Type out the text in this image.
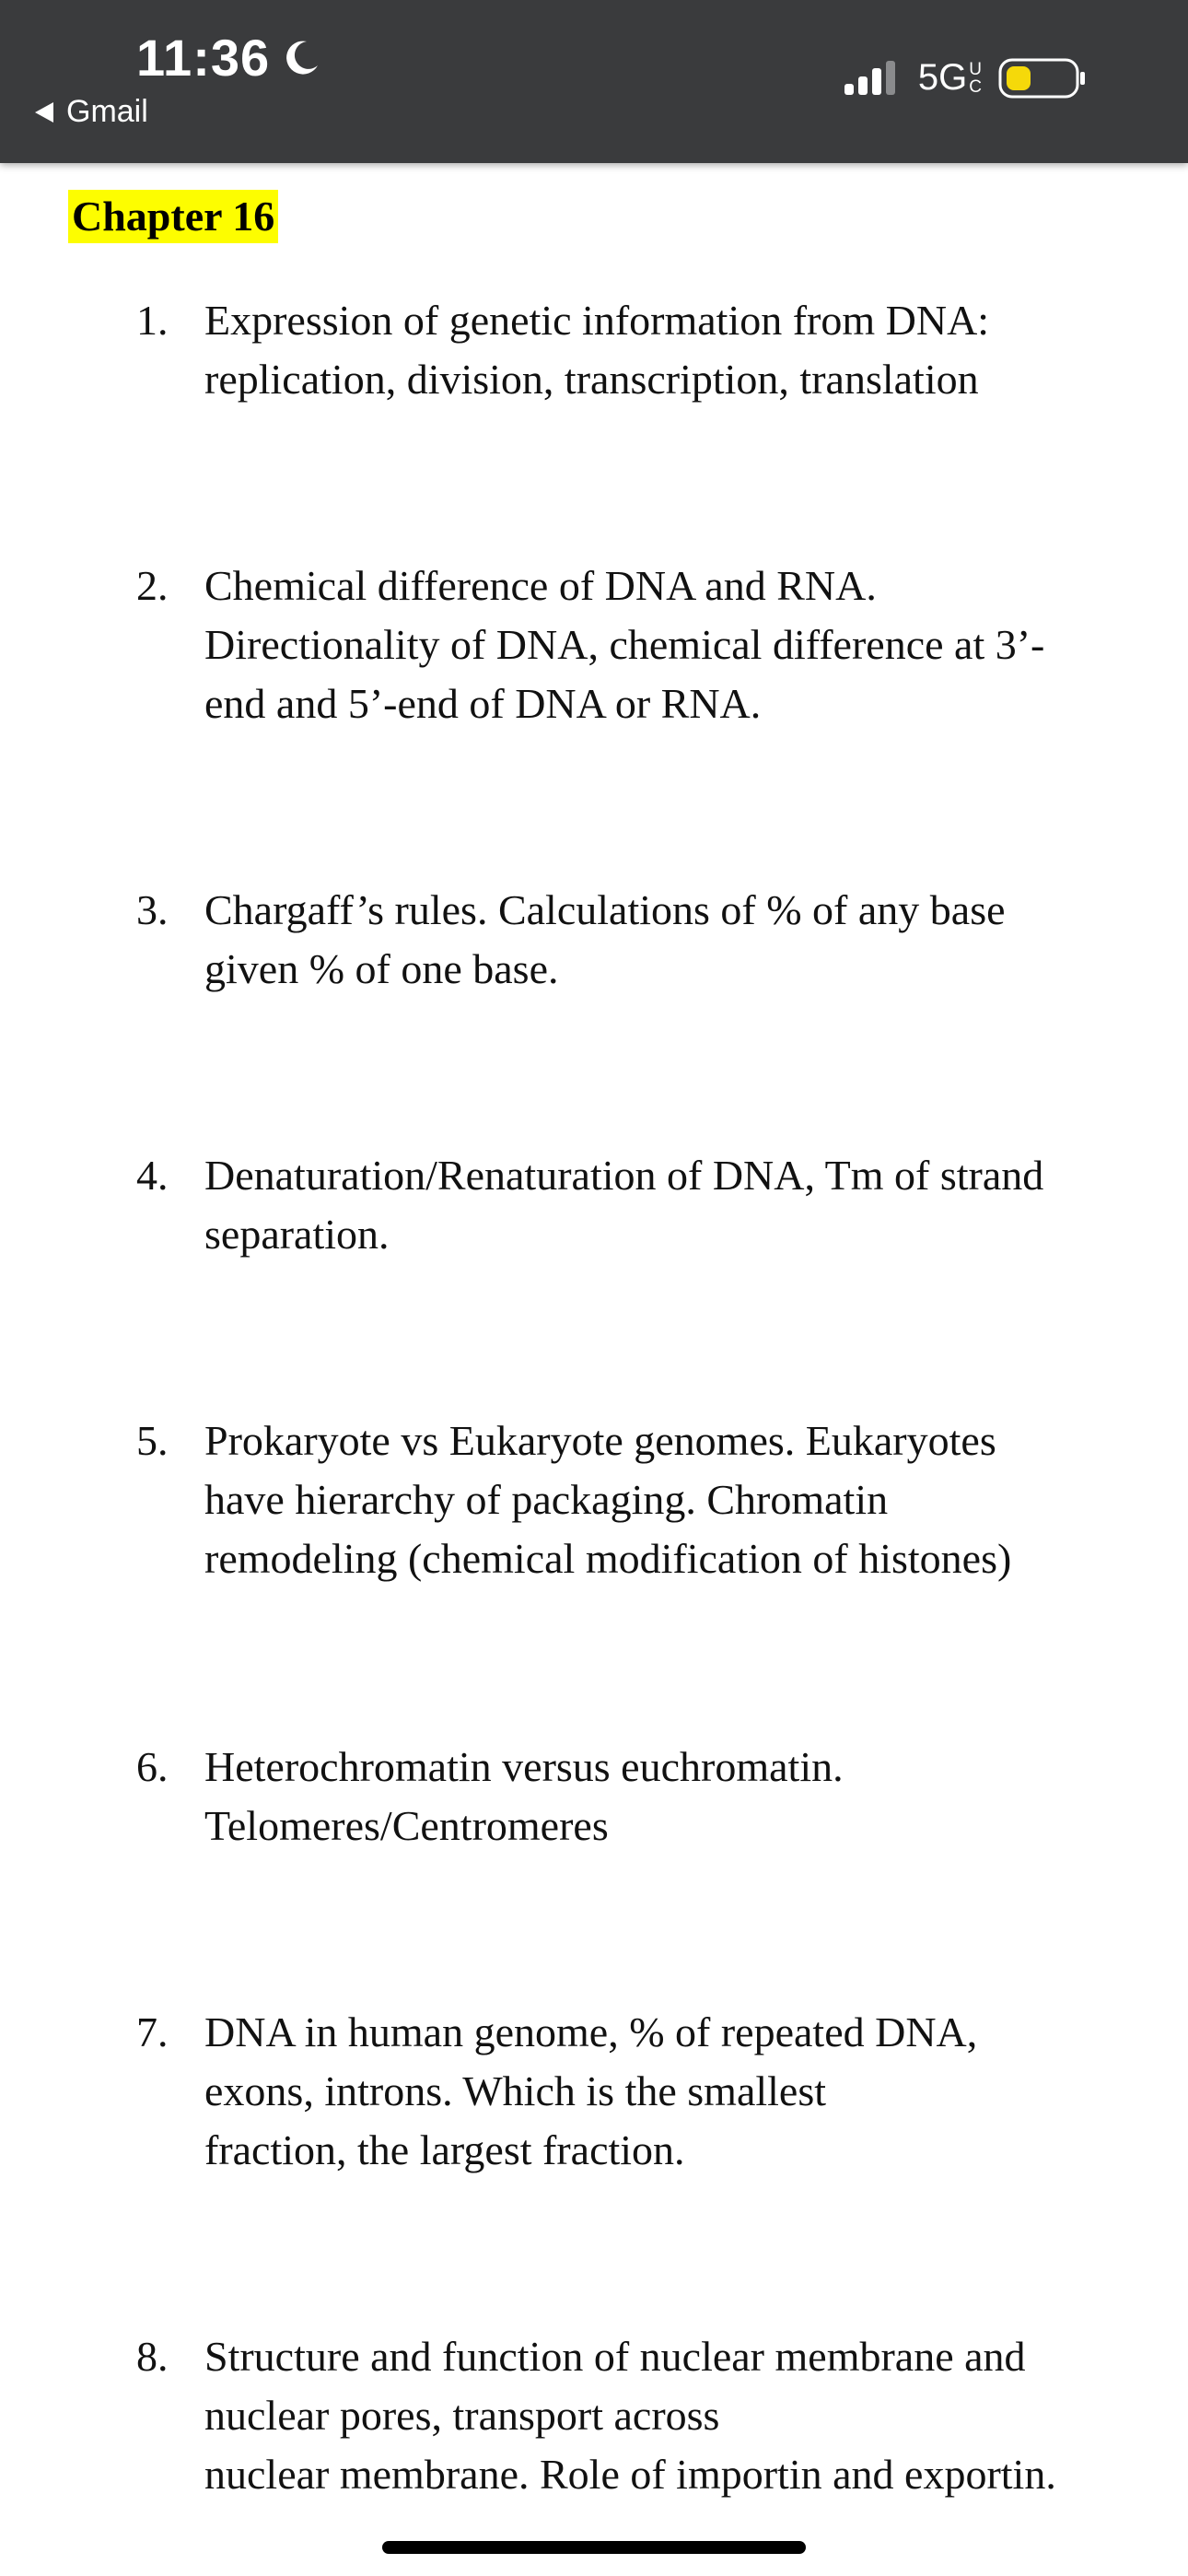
11:36
Gmail
5G U
C
Chapter 16
1. Expression of genetic information from DNA:
replication, division, transcription, translation
2. Chemical difference of DNA and RNA.
Directionality of DNA, chemical difference at 3’-
end and 5’-end of DNA or RNA.
3. Chargaff’s rules. Calculations of % of any base
given % of one base.
4. Denaturation/Renaturation of DNA, Tm of strand
separation.
5. Prokaryote vs Eukaryote genomes. Eukaryotes
have hierarchy of packaging. Chromatin
remodeling (chemical modification of histones)
6. Heterochromatin versus euchromatin.
Telomeres/Centromeres
7. DNA in human genome, % of repeated DNA,
exons, introns. Which is the smallest
fraction, the largest fraction.
8. Structure and function of nuclear membrane and
nuclear pores, transport across
nuclear membrane. Role of importin and exportin.
